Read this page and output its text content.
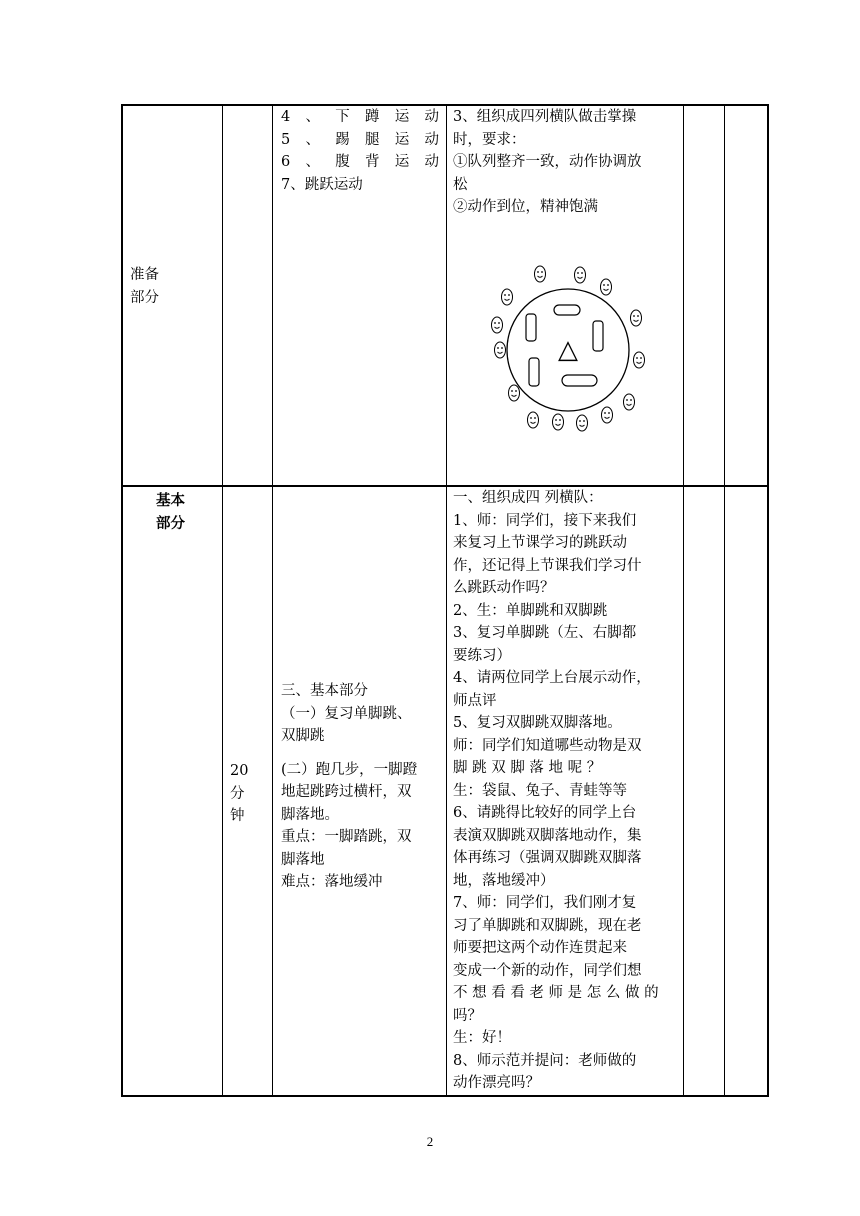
准备

部分

4 、 下 蹲 运 动
5 、 踢 腿 运 动
6 、 腹 背 运 动

7、跳跃运动

3、组织成四列横队做击掌操

时，要求：

①队列整齐一致，动作协调放

松

②动作到位，精神饱满

△

基本

部分

20

分

钟

三、基本部分

（一）复习单脚跳、

双脚跳

(二）跑几步，一脚蹬

地起跳跨过横杆，双

脚落地。

重点：一脚踏跳，双

脚落地

难点：落地缓冲

一、组织成四 列横队：

1、师：同学们，接下来我们

来复习上节课学习的跳跃动

作，还记得上节课我们学习什

么跳跃动作吗？

2、生：单脚跳和双脚跳

3、复习单脚跳（左、右脚都

要练习）

4、请两位同学上台展示动作，

师点评

5、复习双脚跳双脚落地。

师：同学们知道哪些动物是双

脚 跳 双 脚 落 地 呢 ？

生：袋鼠、兔子、青蛙等等

6、请跳得比较好的同学上台

表演双脚跳双脚落地动作，集

体再练习（强调双脚跳双脚落

地，落地缓冲）

7、师：同学们，我们刚才复

习了单脚跳和双脚跳，现在老

师要把这两个动作连贯起来

变成一个新的动作，同学们想

不 想 看 看 老 师 是 怎 么 做 的

吗？

生：好！

8、师示范并提问：老师做的

动作漂亮吗？

2
